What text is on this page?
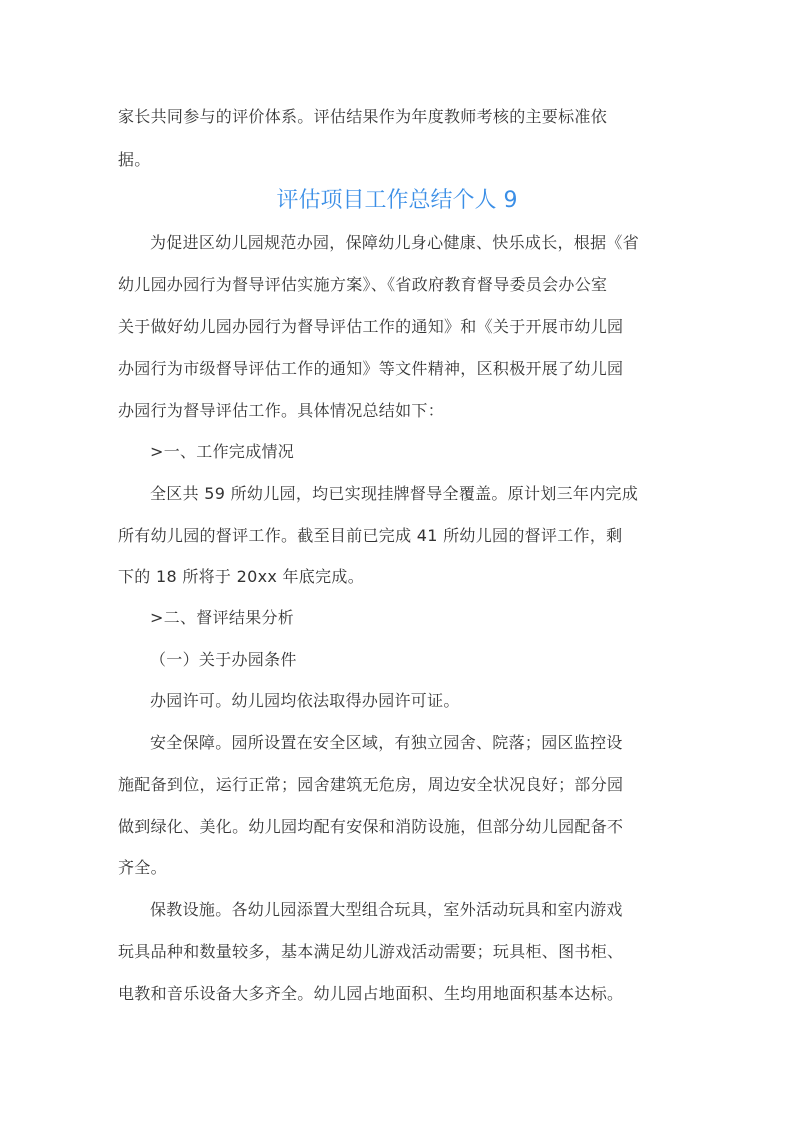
家长共同参与的评价体系。评估结果作为年度教师考核的主要标准依
据。
评估项目工作总结个人 9
为促进区幼儿园规范办园，保障幼儿身心健康、快乐成长，根据《省
幼儿园办园行为督导评估实施方案》、《省政府教育督导委员会办公室
关于做好幼儿园办园行为督导评估工作的通知》和《关于开展市幼儿园
办园行为市级督导评估工作的通知》等文件精神，区积极开展了幼儿园
办园行为督导评估工作。具体情况总结如下：
>一、工作完成情况
全区共 59 所幼儿园，均已实现挂牌督导全覆盖。原计划三年内完成
所有幼儿园的督评工作。截至目前已完成 41 所幼儿园的督评工作，剩
下的 18 所将于 20xx 年底完成。
>二、督评结果分析
（一）关于办园条件
办园许可。幼儿园均依法取得办园许可证。
安全保障。园所设置在安全区域，有独立园舍、院落；园区监控设
施配备到位，运行正常；园舍建筑无危房，周边安全状况良好；部分园
做到绿化、美化。幼儿园均配有安保和消防设施，但部分幼儿园配备不
齐全。
保教设施。各幼儿园添置大型组合玩具，室外活动玩具和室内游戏
玩具品种和数量较多，基本满足幼儿游戏活动需要；玩具柜、图书柜、
电教和音乐设备大多齐全。幼儿园占地面积、生均用地面积基本达标。
